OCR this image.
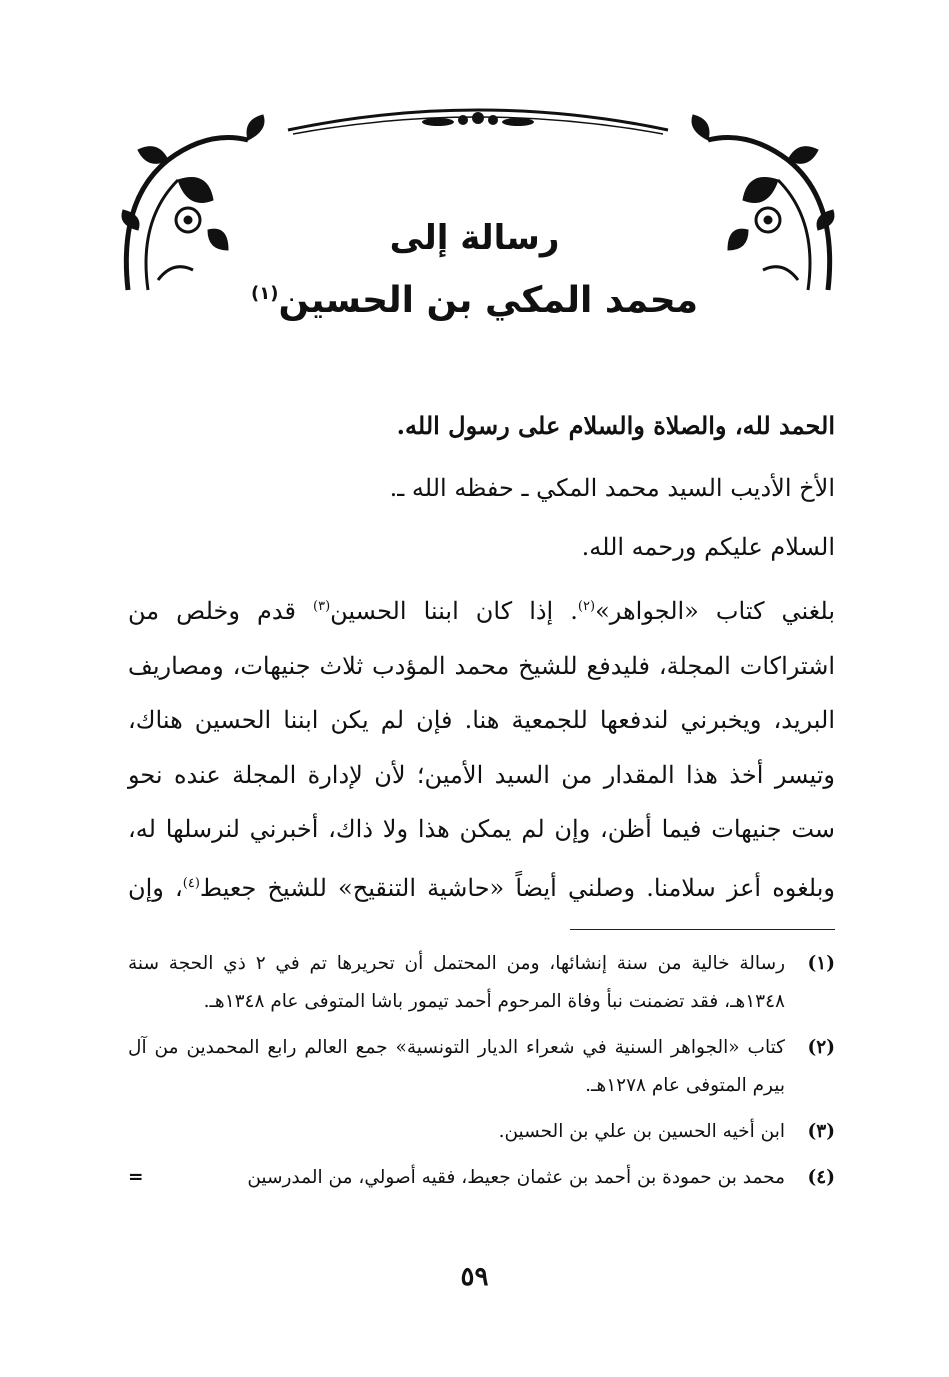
رسالة إلى
محمد المكي بن الحسين$^{(١)}$
الحمد لله، والصلاة والسلام على رسول الله.
الأخ الأديب السيد محمد المكي ـ حفظه الله ـ.
السلام عليكم ورحمه الله.
بلغني كتاب «الجواهر»$^{(٢)}$. إذا كان ابننا الحسين$^{(٣)}$ قدم وخلص من اشتراكات المجلة، فليدفع للشيخ محمد المؤدب ثلاث جنيهات، ومصاريف البريد، ويخبرني لندفعها للجمعية هنا. فإن لم يكن ابننا الحسين هناك، وتيسر أخذ هذا المقدار من السيد الأمين؛ لأن لإدارة المجلة عنده نحو ست جنيهات فيما أظن، وإن لم يمكن هذا ولا ذاك، أخبرني لنرسلها له، وبلغوه أعز سلامنا. وصلني أيضاً «حاشية التنقيح» للشيخ جعيط$^{(٤)}$، وإن
(١)
رسالة خالية من سنة إنشائها، ومن المحتمل أن تحريرها تم في ٢ ذي الحجة سنة ١٣٤٨هـ، فقد تضمنت نبأ وفاة المرحوم أحمد تيمور باشا المتوفى عام ١٣٤٨هـ.
(٢)
كتاب «الجواهر السنية في شعراء الديار التونسية» جمع العالم رابع المحمدين من آل بيرم المتوفى عام ١٢٧٨هـ.
(٣)
ابن أخيه الحسين بن علي بن الحسين.
(٤)
محمد بن حمودة بن أحمد بن عثمان جعيط، فقيه أصولي، من المدرسين
=
٥٩
